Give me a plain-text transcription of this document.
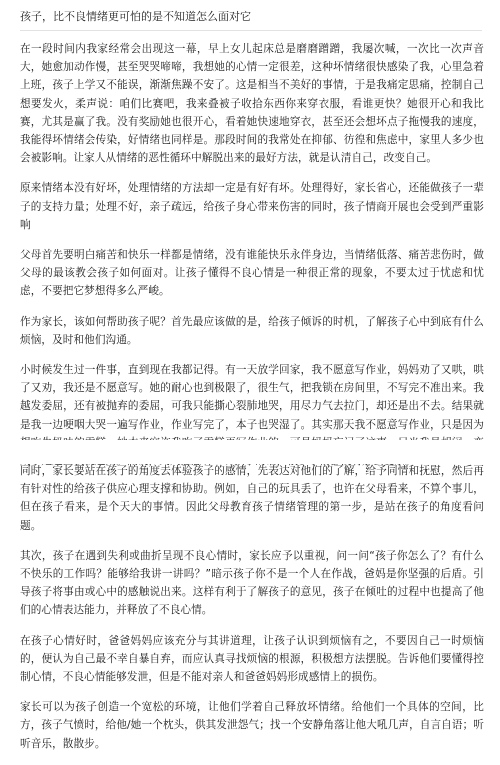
孩子，比不良情绪更可怕的是不知道怎么面对它

在一段时间内我家经常会出现这一幕，早上女儿起床总是磨磨蹭蹭，我屡次喊，一次比一次声音大，她愈加动作慢，甚至哭哭啼啼，我想她的心情一定很差，这种坏情绪很快感染了我，心里急着上班，孩子上学又不能误，渐渐焦躁不安了。这是相当不美好的事情，于是我痛定思痛，控制自己想要发火，柔声说：咱们比赛吧，我来叠被子收拾东西你来穿衣服，看谁更快？她很开心和我比赛，尤其是赢了我。没有奖励她也很开心，看着她快速地穿衣，甚至还会想坏点子拖慢我的速度，我能得坏情绪会传染，好情绪也同样是。那段时间的我常处在抑郁、彷徨和焦虑中，家里人多少也会被影响。让家人从情绪的恶性循环中解脱出来的最好方法，就是认清自己，改变自己。

原来情绪本没有好坏，处理情绪的方法却一定是有好有坏。处理得好，家长省心，还能做孩子一辈子的支持力量；处理不好，亲子疏远，给孩子身心带来伤害的同时，孩子情商开展也会受到严重影响

父母首先要明白痛苦和快乐一样都是情绪，没有谁能快乐永伴身边，当情绪低落、痛苦悲伤时，做父母的最该教会孩子如何面对。让孩子懂得不良心情是一种很正常的现象，不要太过于忧虑和忧虑，不要把它梦想得多么严峻。

作为家长，该如何帮助孩子呢？首先最应该做的是，给孩子倾诉的时机，了解孩子心中到底有什么烦恼，及时和他们沟通。

小时候发生过一件事，直到现在我都记得。有一天放学回家，我不愿意写作业，妈妈劝了又哄，哄了又劝，我还是不愿意写。她的耐心也到极限了，很生气，把我锁在房间里，不写完不准出来。我越发委屈，还有被抛弃的委屈，可我只能撕心裂肺地哭，用尽力气去拉门，却还是出不去。结果就是我一边哽咽大哭一遍写作业，作业写完了，本子也哭湿了。其实那天我不愿意写作业，只是因为

同时，家长要站在孩子的角度去体验孩子的感情，先表达对他们的了解，给予同情和抚慰，然后再有针对性的给孩子供应心理支撑和协助。例如，自己的玩具丢了，也许在父母看来，不算个事儿，但在孩子看来，是个天大的事情。因此父母教育孩子情绪管理的第一步，是站在孩子的角度看问题。

其次，孩子在遇到失利或曲折呈现不良心情时，家长应予以重视，问一问“孩子你怎么了？有什么不快乐的工作吗？能够给我讲一讲吗？”暗示孩子你不是一个人在作战，爸妈是你坚强的后盾。引导孩子将事由或心中的感触说出来。这样有利于了解孩子的意见，孩子在倾吐的过程中也提高了他们的心情表达能力，并释放了不良心情。

在孩子心情好时，爸爸妈妈应该充分与其讲道理，让孩子认识到烦恼有之，不要因自己一时烦恼的，便认为自己最不幸自暴自弃，而应认真寻找烦恼的根源，积极想方法摆脱。告诉他们要懂得控制心情，不良心情能够发泄，但是不能对亲人和爸爸妈妈形成感情上的损伤。

家长可以为孩子创造一个宽松的环境，让他们学着自己释放坏情绪。给他们一个具体的空间，比方，孩子气愤时，给他/她一个枕头，供其发泄怨气；找一个安静角落让他大吼几声，自言自语；听听音乐，散散步。
